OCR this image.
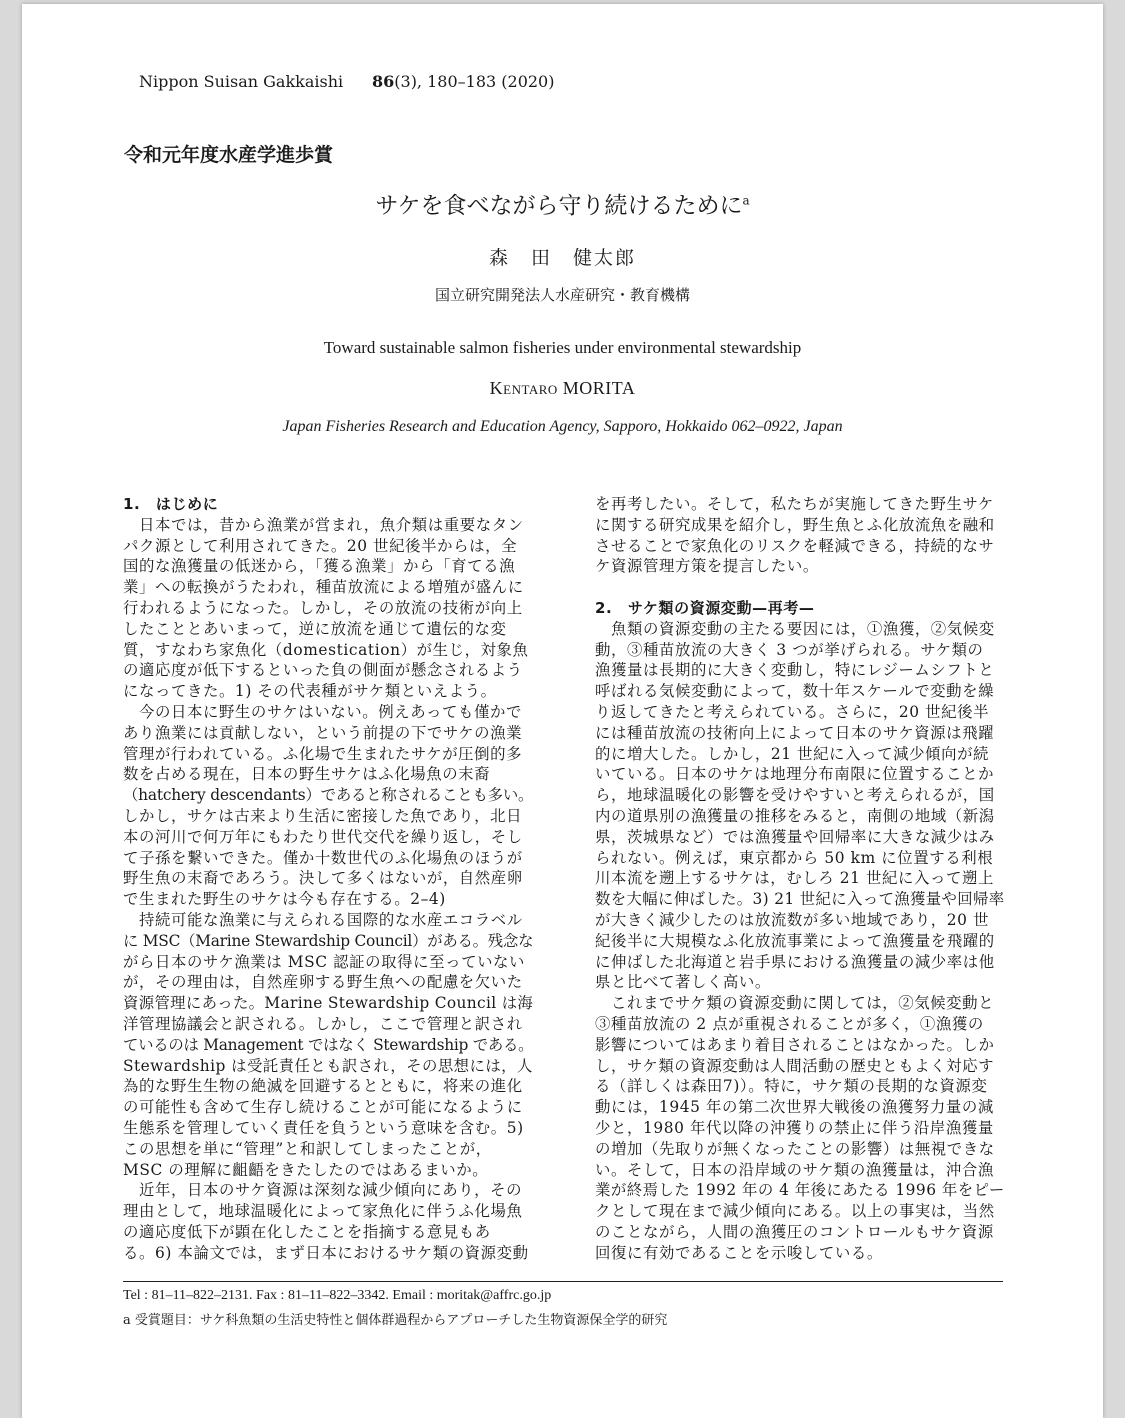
Nippon Suisan Gakkaishi 86(3), 180–183 (2020)
令和元年度水産学進歩賞
サケを食べながら守り続けるために$^a$
森　田　健太郎
国立研究開発法人水産研究・教育機構
Toward sustainable salmon fisheries under environmental stewardship
Kentaro MORITA
Japan Fisheries Research and Education Agency, Sapporo, Hokkaido 062–0922, Japan
1.　はじめに
　日本では，昔から漁業が営まれ，魚介類は重要なタン
パク源として利用されてきた。20 世紀後半からは，全
国的な漁獲量の低迷から，「獲る漁業」から「育てる漁
業」への転換がうたわれ，種苗放流による増殖が盛んに
行われるようになった。しかし，その放流の技術が向上
したこととあいまって，逆に放流を通じて遺伝的な変
質，すなわち家魚化（domestication）が生じ，対象魚
の適応度が低下するといった負の側面が懸念されるよう
になってきた。1) その代表種がサケ類といえよう。
　今の日本に野生のサケはいない。例えあっても僅かで
あり漁業には貢献しない，という前提の下でサケの漁業
管理が行われている。ふ化場で生まれたサケが圧倒的多
数を占める現在，日本の野生サケはふ化場魚の末裔
（hatchery descendants）であると称されることも多い。
しかし，サケは古来より生活に密接した魚であり，北日
本の河川で何万年にもわたり世代交代を繰り返し，そし
て子孫を繋いできた。僅か十数世代のふ化場魚のほうが
野生魚の末裔であろう。決して多くはないが，自然産卵
で生まれた野生のサケは今も存在する。2–4)
　持続可能な漁業に与えられる国際的な水産エコラベル
に MSC（Marine Stewardship Council）がある。残念な
がら日本のサケ漁業は MSC 認証の取得に至っていない
が，その理由は，自然産卵する野生魚への配慮を欠いた
資源管理にあった。Marine Stewardship Council は海
洋管理協議会と訳される。しかし，ここで管理と訳され
ているのは Management ではなく Stewardship である。
Stewardship は受託責任とも訳され，その思想には，人
為的な野生生物の絶滅を回避するとともに，将来の進化
の可能性も含めて生存し続けることが可能になるように
生態系を管理していく責任を負うという意味を含む。5)
この思想を単に“管理”と和訳してしまったことが，
MSC の理解に齟齬をきたしたのではあるまいか。
　近年，日本のサケ資源は深刻な減少傾向にあり，その
理由として，地球温暖化によって家魚化に伴うふ化場魚
の適応度低下が顕在化したことを指摘する意見もあ
る。6) 本論文では，まず日本におけるサケ類の資源変動
を再考したい。そして，私たちが実施してきた野生サケ
に関する研究成果を紹介し，野生魚とふ化放流魚を融和
させることで家魚化のリスクを軽減できる，持続的なサ
ケ資源管理方策を提言したい。
2.　サケ類の資源変動—再考—
　魚類の資源変動の主たる要因には，①漁獲，②気候変
動，③種苗放流の大きく 3 つが挙げられる。サケ類の
漁獲量は長期的に大きく変動し，特にレジームシフトと
呼ばれる気候変動によって，数十年スケールで変動を繰
り返してきたと考えられている。さらに，20 世紀後半
には種苗放流の技術向上によって日本のサケ資源は飛躍
的に増大した。しかし，21 世紀に入って減少傾向が続
いている。日本のサケは地理分布南限に位置することか
ら，地球温暖化の影響を受けやすいと考えられるが，国
内の道県別の漁獲量の推移をみると，南側の地域（新潟
県，茨城県など）では漁獲量や回帰率に大きな減少はみ
られない。例えば，東京都から 50 km に位置する利根
川本流を遡上するサケは，むしろ 21 世紀に入って遡上
数を大幅に伸ばした。3) 21 世紀に入って漁獲量や回帰率
が大きく減少したのは放流数が多い地域であり，20 世
紀後半に大規模なふ化放流事業によって漁獲量を飛躍的
に伸ばした北海道と岩手県における漁獲量の減少率は他
県と比べて著しく高い。
　これまでサケ類の資源変動に関しては，②気候変動と
③種苗放流の 2 点が重視されることが多く，①漁獲の
影響についてはあまり着目されることはなかった。しか
し，サケ類の資源変動は人間活動の歴史ともよく対応す
る（詳しくは森田7)）。特に，サケ類の長期的な資源変
動には，1945 年の第二次世界大戦後の漁獲努力量の減
少と，1980 年代以降の沖獲りの禁止に伴う沿岸漁獲量
の増加（先取りが無くなったことの影響）は無視できな
い。そして，日本の沿岸域のサケ類の漁獲量は，沖合漁
業が終焉した 1992 年の 4 年後にあたる 1996 年をピー
クとして現在まで減少傾向にある。以上の事実は，当然
のことながら，人間の漁獲圧のコントロールもサケ資源
回復に有効であることを示唆している。
Tel : 81–11–822–2131. Fax : 81–11–822–3342. Email : moritak@affrc.go.jp
a 受賞題目：サケ科魚類の生活史特性と個体群過程からアプローチした生物資源保全学的研究
